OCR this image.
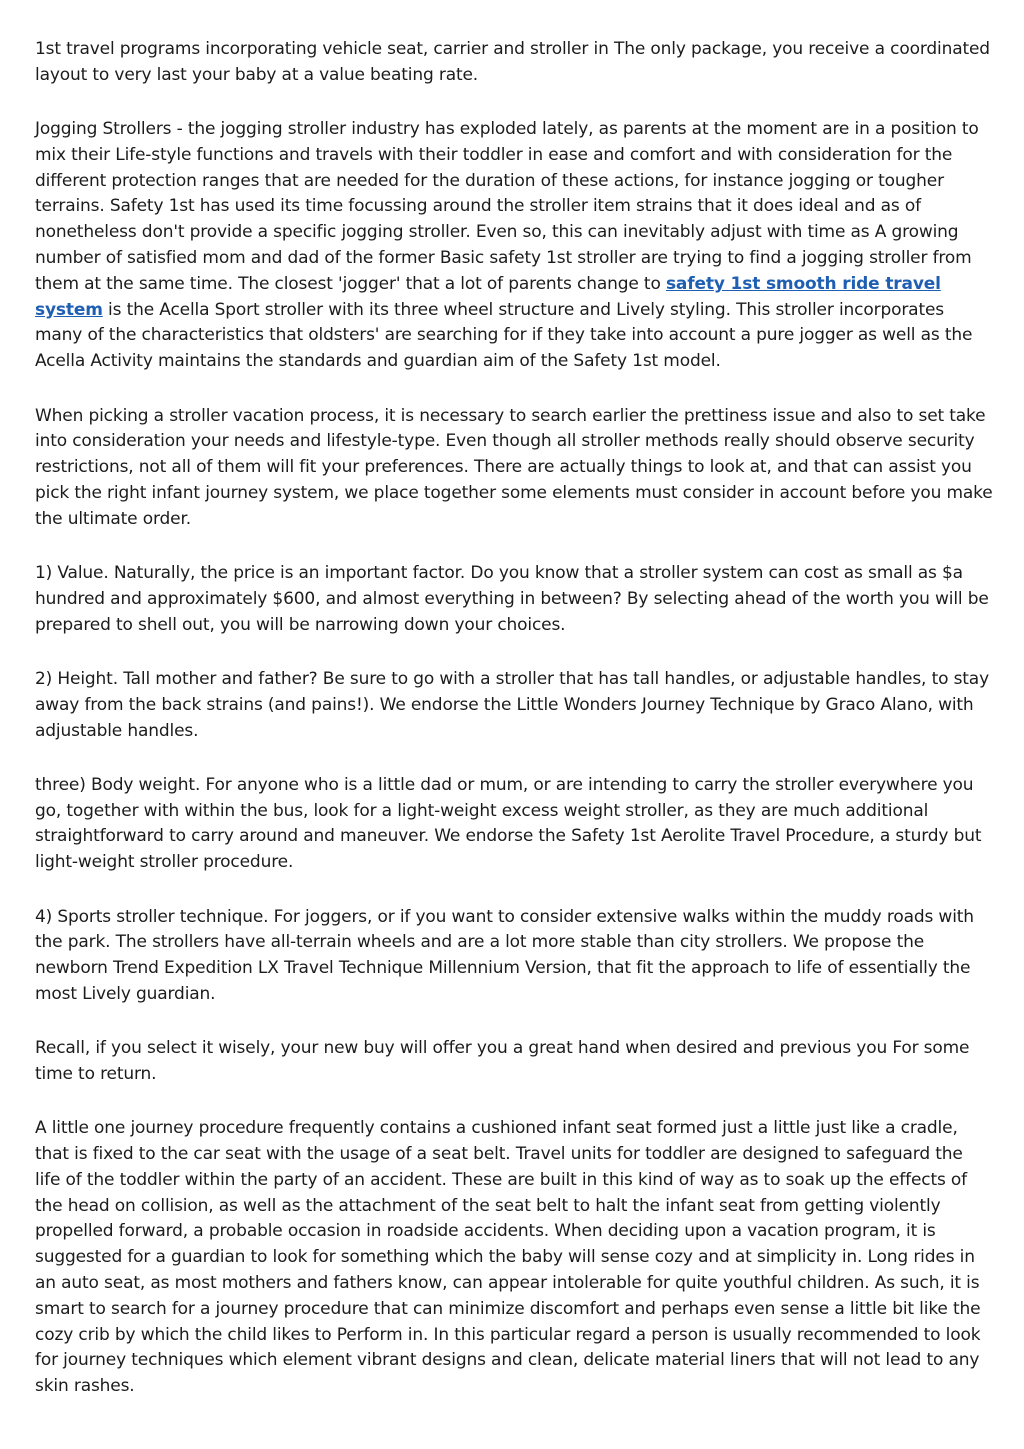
1st travel programs incorporating vehicle seat, carrier and stroller in The only package, you receive a coordinated layout to very last your baby at a value beating rate.

Jogging Strollers - the jogging stroller industry has exploded lately, as parents at the moment are in a position to mix their Life-style functions and travels with their toddler in ease and comfort and with consideration for the different protection ranges that are needed for the duration of these actions, for instance jogging or tougher terrains. Safety 1st has used its time focussing around the stroller item strains that it does ideal and as of nonetheless don't provide a specific jogging stroller. Even so, this can inevitably adjust with time as A growing number of satisfied mom and dad of the former Basic safety 1st stroller are trying to find a jogging stroller from them at the same time. The closest 'jogger' that a lot of parents change to safety 1st smooth ride travel system is the Acella Sport stroller with its three wheel structure and Lively styling. This stroller incorporates many of the characteristics that oldsters' are searching for if they take into account a pure jogger as well as the Acella Activity maintains the standards and guardian aim of the Safety 1st model.

When picking a stroller vacation process, it is necessary to search earlier the prettiness issue and also to set take into consideration your needs and lifestyle-type. Even though all stroller methods really should observe security restrictions, not all of them will fit your preferences. There are actually things to look at, and that can assist you pick the right infant journey system, we place together some elements must consider in account before you make the ultimate order.

1) Value. Naturally, the price is an important factor. Do you know that a stroller system can cost as small as $a hundred and approximately $600, and almost everything in between? By selecting ahead of the worth you will be prepared to shell out, you will be narrowing down your choices.

2) Height. Tall mother and father? Be sure to go with a stroller that has tall handles, or adjustable handles, to stay away from the back strains (and pains!). We endorse the Little Wonders Journey Technique by Graco Alano, with adjustable handles.

three) Body weight. For anyone who is a little dad or mum, or are intending to carry the stroller everywhere you go, together with within the bus, look for a light-weight excess weight stroller, as they are much additional straightforward to carry around and maneuver. We endorse the Safety 1st Aerolite Travel Procedure, a sturdy but light-weight stroller procedure.

4) Sports stroller technique. For joggers, or if you want to consider extensive walks within the muddy roads with the park. The strollers have all-terrain wheels and are a lot more stable than city strollers. We propose the newborn Trend Expedition LX Travel Technique Millennium Version, that fit the approach to life of essentially the most Lively guardian.

Recall, if you select it wisely, your new buy will offer you a great hand when desired and previous you For some time to return.

A little one journey procedure frequently contains a cushioned infant seat formed just a little just like a cradle, that is fixed to the car seat with the usage of a seat belt. Travel units for toddler are designed to safeguard the life of the toddler within the party of an accident. These are built in this kind of way as to soak up the effects of the head on collision, as well as the attachment of the seat belt to halt the infant seat from getting violently propelled forward, a probable occasion in roadside accidents. When deciding upon a vacation program, it is suggested for a guardian to look for something which the baby will sense cozy and at simplicity in. Long rides in an auto seat, as most mothers and fathers know, can appear intolerable for quite youthful children. As such, it is smart to search for a journey procedure that can minimize discomfort and perhaps even sense a little bit like the cozy crib by which the child likes to Perform in. In this particular regard a person is usually recommended to look for journey techniques which element vibrant designs and clean, delicate material liners that will not lead to any skin rashes.
